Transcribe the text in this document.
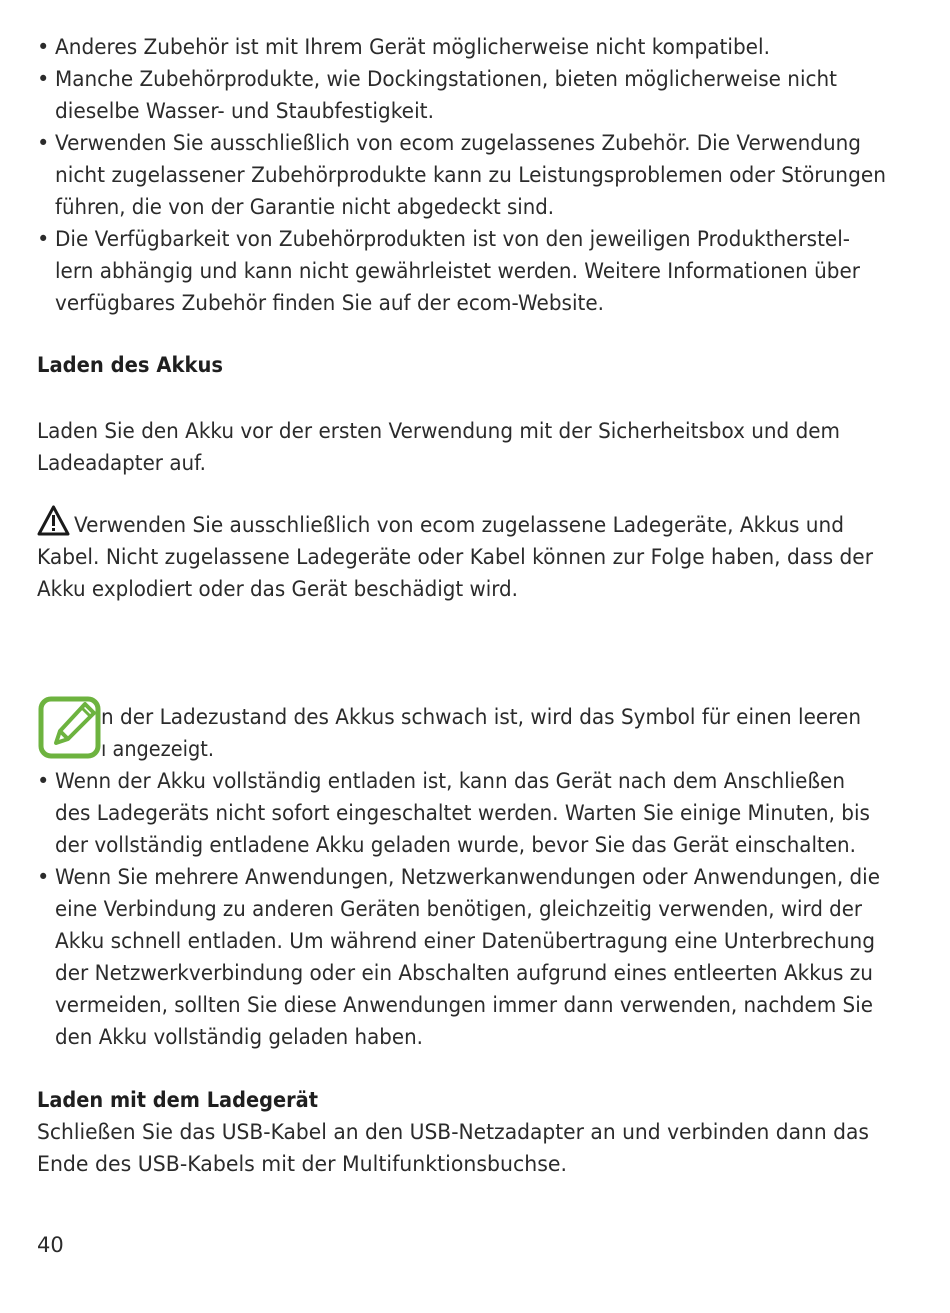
• Anderes Zubehör ist mit Ihrem Gerät möglicherweise nicht kompatibel.
• Manche Zubehörprodukte, wie Dockingstationen, bieten möglicherweise nicht
dieselbe Wasser- und Staubfestigkeit.
• Verwenden Sie ausschließlich von ecom zugelassenes Zubehör. Die Verwendung
nicht zugelassener Zubehörprodukte kann zu Leistungsproblemen oder Störungen
führen, die von der Garantie nicht abgedeckt sind.
• Die Verfügbarkeit von Zubehörprodukten ist von den jeweiligen Produktherstel-
lern abhängig und kann nicht gewährleistet werden. Weitere Informationen über
verfügbares Zubehör finden Sie auf der ecom-Website.
Laden des Akkus
Laden Sie den Akku vor der ersten Verwendung mit der Sicherheitsbox und dem
Ladeadapter auf.
Verwenden Sie ausschließlich von ecom zugelassene Ladegeräte, Akkus und
Kabel. Nicht zugelassene Ladegeräte oder Kabel können zur Folge haben, dass der
Akku explodiert oder das Gerät beschädigt wird.
n der Ladezustand des Akkus schwach ist, wird das Symbol für einen leeren
ı angezeigt.
• Wenn der Akku vollständig entladen ist, kann das Gerät nach dem Anschließen
des Ladegeräts nicht sofort eingeschaltet werden. Warten Sie einige Minuten, bis
der vollständig entladene Akku geladen wurde, bevor Sie das Gerät einschalten.
• Wenn Sie mehrere Anwendungen, Netzwerkanwendungen oder Anwendungen, die
eine Verbindung zu anderen Geräten benötigen, gleichzeitig verwenden, wird der
Akku schnell entladen. Um während einer Datenübertragung eine Unterbrechung
der Netzwerkverbindung oder ein Abschalten aufgrund eines entleerten Akkus zu
vermeiden, sollten Sie diese Anwendungen immer dann verwenden, nachdem Sie
den Akku vollständig geladen haben.
Laden mit dem Ladegerät
Schließen Sie das USB-Kabel an den USB-Netzadapter an und verbinden dann das
Ende des USB-Kabels mit der Multifunktionsbuchse.
40
